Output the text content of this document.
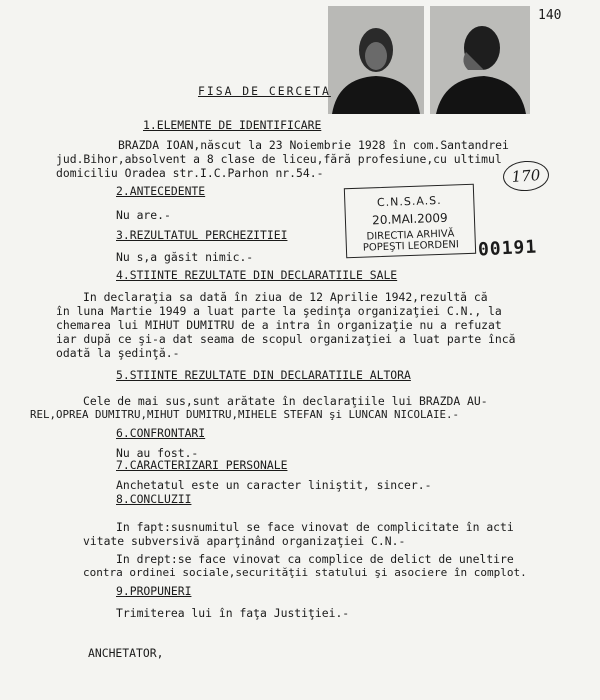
140
FISA DE CERCETA
1.ELEMENTE DE IDENTIFICARE
BRAZDA IOAN,născut la 23 Noiembrie 1928 în com.Santandrei
jud.Bihor,absolvent a 8 clase de liceu,fără profesiune,cu ultimul
domiciliu Oradea str.I.C.Parhon nr.54.-
2.ANTECEDENTE
Nu are.-
3.REZULTATUL PERCHEZITIEI
Nu s,a găsit nimic.-
4.STIINTE REZULTATE DIN DECLARATIILE SALE
In declaraţia sa dată în ziua de 12 Aprilie 1942,rezultă că
în luna Martie 1949 a luat parte la şedinţa organizaţiei C.N., la
chemarea lui MIHUT DUMITRU de a intra în organizaţie nu a refuzat
iar după ce şi-a dat seama de scopul organizaţiei a luat parte încă
odată la şedinţă.-
5.STIINTE REZULTATE DIN DECLARATIILE ALTORA
Cele de mai sus,sunt arătate în declaraţiile lui BRAZDA AU-
REL,OPREA DUMITRU,MIHUT DUMITRU,MIHELE STEFAN şi LUNCAN NICOLAIE.-
6.CONFRONTARI
Nu au fost.-
7.CARACTERIZARI PERSONALE
Anchetatul este un caracter liniştit, sincer.-
8.CONCLUZII
In fapt:susnumitul se face vinovat de complicitate în acti
vitate subversivă aparţinând organizaţiei C.N.-
In drept:se face vinovat ca complice de delict de uneltire
contra ordinei sociale,securităţii statului şi asociere în complot.
9.PROPUNERI
Trimiterea lui în faţa Justiţiei.-
ANCHETATOR,
C.N.S.A.S.
20.MAI.2009
DIRECTIA ARHIVĂ
POPEŞTI LEORDENI
170
00191
